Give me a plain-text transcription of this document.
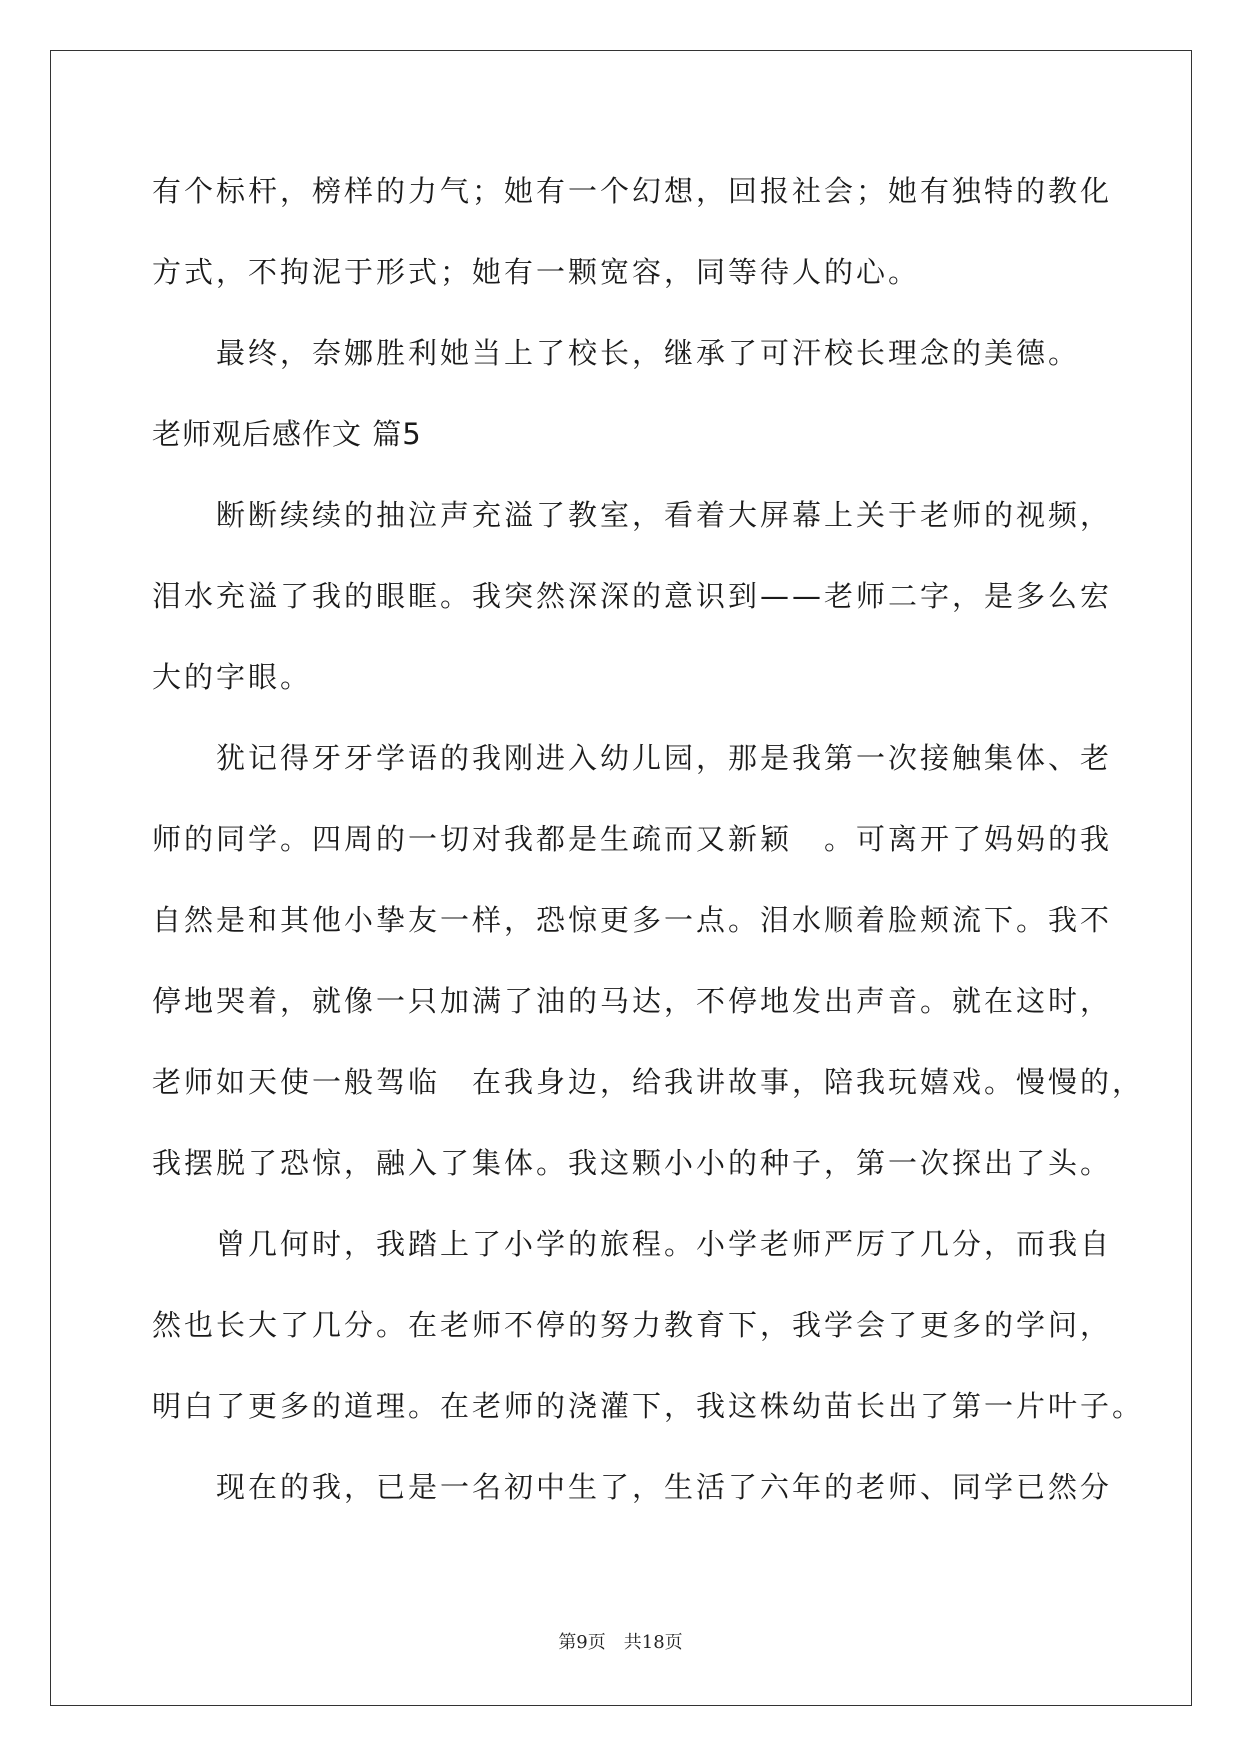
有个标杆，榜样的力气；她有一个幻想，回报社会；她有独特的教化
方式，不拘泥于形式；她有一颗宽容，同等待人的心。
　　最终，奈娜胜利她当上了校长，继承了可汗校长理念的美德。
老师观后感作文 篇5
　　断断续续的抽泣声充溢了教室，看着大屏幕上关于老师的视频，
泪水充溢了我的眼眶。我突然深深的意识到——老师二字，是多么宏
大的字眼。
　　犹记得牙牙学语的我刚进入幼儿园，那是我第一次接触集体、老
师的同学。四周的一切对我都是生疏而又新颖　。可离开了妈妈的我
自然是和其他小挚友一样，恐惊更多一点。泪水顺着脸颊流下。我不
停地哭着，就像一只加满了油的马达，不停地发出声音。就在这时，
老师如天使一般驾临　在我身边，给我讲故事，陪我玩嬉戏。慢慢的，
我摆脱了恐惊，融入了集体。我这颗小小的种子，第一次探出了头。
　　曾几何时，我踏上了小学的旅程。小学老师严厉了几分，而我自
然也长大了几分。在老师不停的努力教育下，我学会了更多的学问，
明白了更多的道理。在老师的浇灌下，我这株幼苗长出了第一片叶子。
　　现在的我，已是一名初中生了，生活了六年的老师、同学已然分
第9页　共18页
